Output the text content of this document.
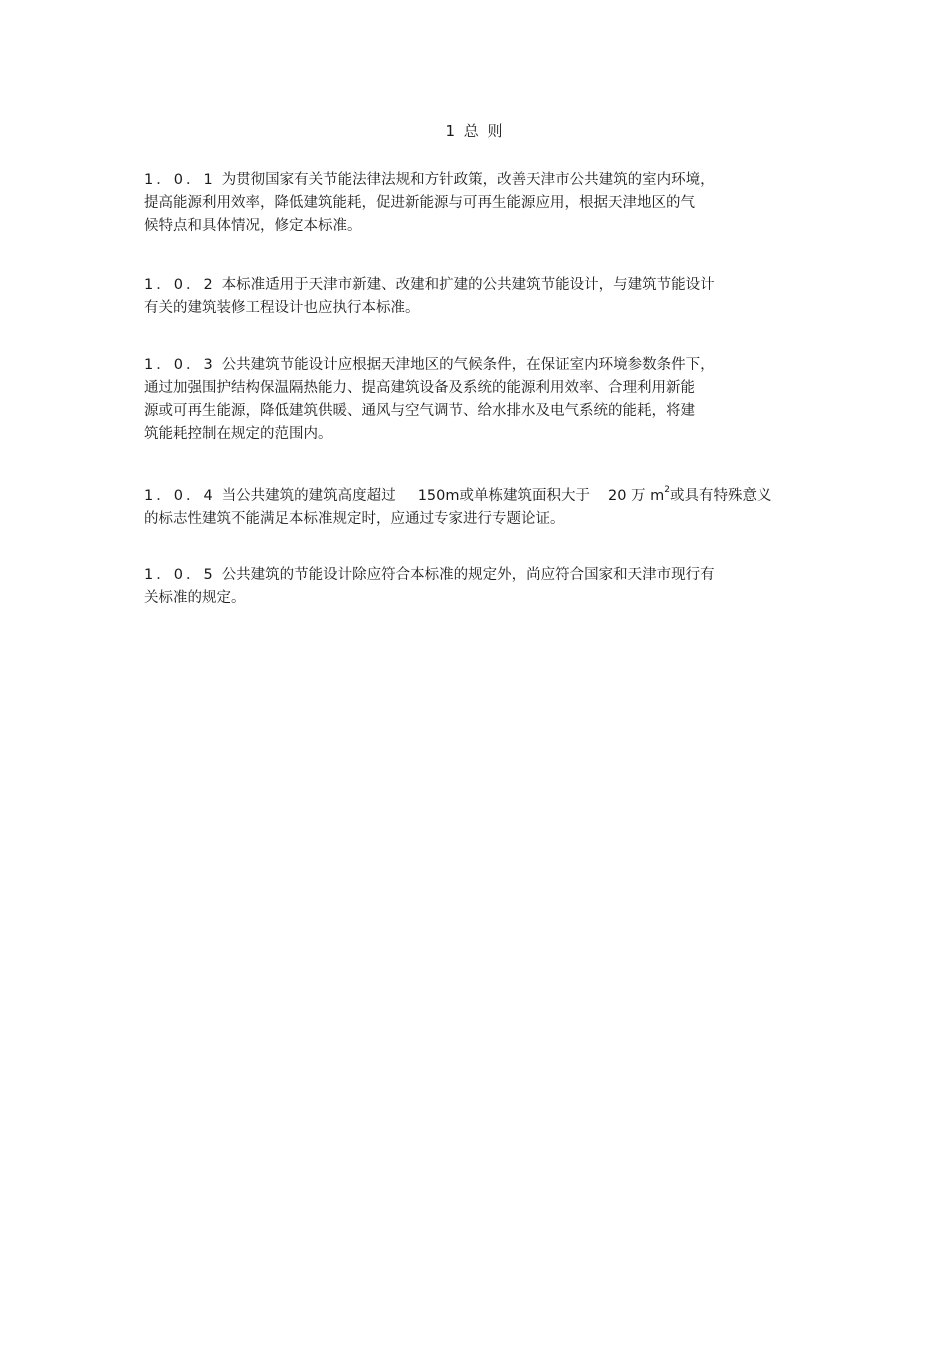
1 总 则
1．0．1 为贯彻国家有关节能法律法规和方针政策，改善天津市公共建筑的室内环境，
提高能源利用效率，降低建筑能耗，促进新能源与可再生能源应用，根据天津地区的气
候特点和具体情况，修定本标准。
1．0．2 本标准适用于天津市新建、改建和扩建的公共建筑节能设计，与建筑节能设计
有关的建筑装修工程设计也应执行本标准。
1．0．3 公共建筑节能设计应根据天津地区的气候条件，在保证室内环境参数条件下，
通过加强围护结构保温隔热能力、提高建筑设备及系统的能源利用效率、合理利用新能
源或可再生能源，降低建筑供暖、通风与空气调节、给水排水及电气系统的能耗，将建
筑能耗控制在规定的范围内。
1．0．4 当公共建筑的建筑高度超过 150m或单栋建筑面积大于 20 万 $m^2$或具有特殊意义
的标志性建筑不能满足本标准规定时，应通过专家进行专题论证。
1．0．5 公共建筑的节能设计除应符合本标准的规定外，尚应符合国家和天津市现行有
关标准的规定。
